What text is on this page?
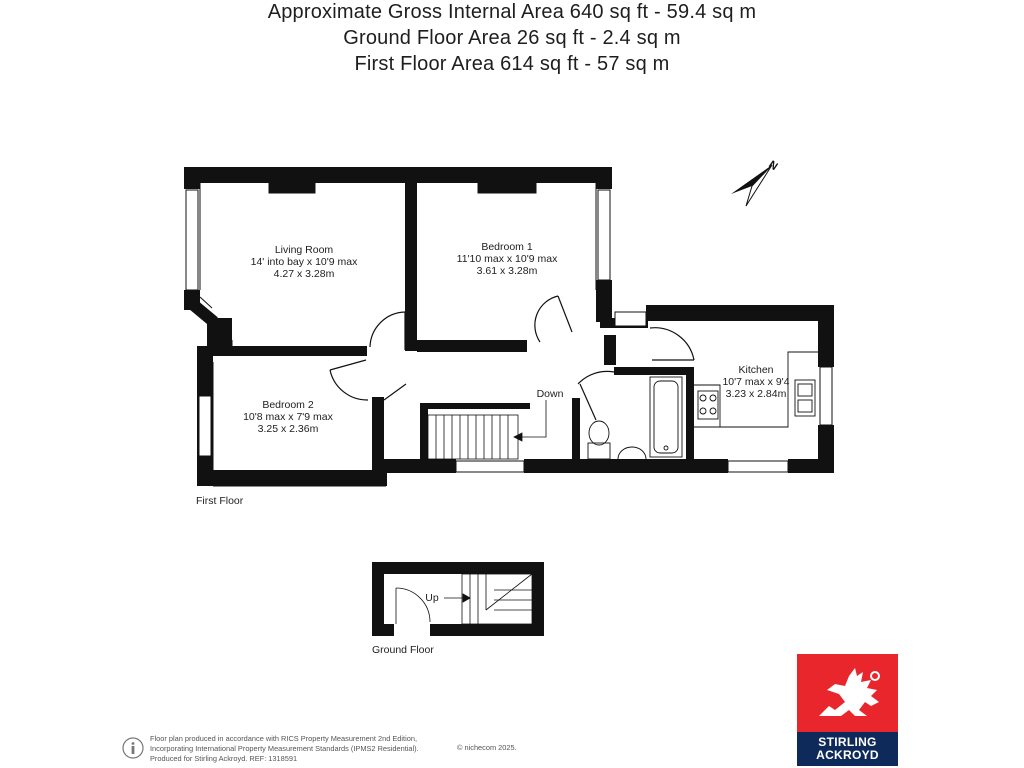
Approximate Gross Internal Area 640 sq ft - 59.4 sq m
Ground Floor Area 26 sq ft - 2.4 sq m
First Floor Area 614 sq ft - 57 sq m
Living Room
14' into bay x 10'9 max
4.27 x 3.28m
Bedroom 1
11'10 max x 10'9 max
3.61 x 3.28m
Bedroom 2
10'8 max x 7'9 max
3.25 x 2.36m
Kitchen
10'7 max x 9'4
3.23 x 2.84m
Down
First Floor
Up
Ground Floor
N
Floor plan produced in accordance with RICS Property Measurement 2nd Edition,
Incorporating International Property Measurement Standards (IPMS2 Residential).
Produced for Stirling Ackroyd. REF: 1318591
© nichecom 2025.	STIRLING
ACKROYD
